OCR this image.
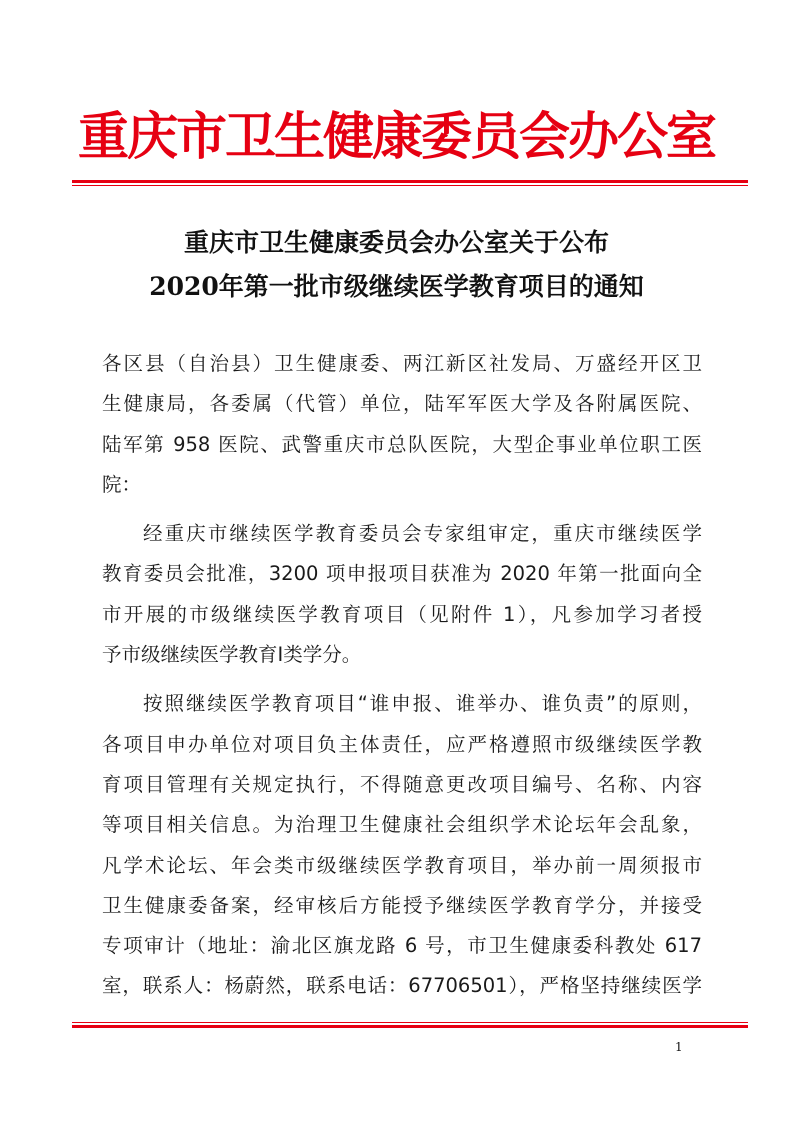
重庆市卫生健康委员会办公室
重庆市卫生健康委员会办公室关于公布
2020年第一批市级继续医学教育项目的通知
各区县（自治县）卫生健康委、两江新区社发局、万盛经开区卫
生健康局，各委属（代管）单位，陆军军医大学及各附属医院、
陆军第 958 医院、武警重庆市总队医院，大型企事业单位职工医
院：
经重庆市继续医学教育委员会专家组审定，重庆市继续医学
教育委员会批准，3200 项申报项目获准为 2020 年第一批面向全
市开展的市级继续医学教育项目（见附件 1），凡参加学习者授
予市级继续医学教育Ⅰ类学分。
按照继续医学教育项目“谁申报、谁举办、谁负责”的原则，
各项目申办单位对项目负主体责任，应严格遵照市级继续医学教
育项目管理有关规定执行，不得随意更改项目编号、名称、内容
等项目相关信息。为治理卫生健康社会组织学术论坛年会乱象，
凡学术论坛、年会类市级继续医学教育项目，举办前一周须报市
卫生健康委备案，经审核后方能授予继续医学教育学分，并接受
专项审计（地址：渝北区旗龙路 6 号，市卫生健康委科教处 617
室，联系人：杨蔚然，联系电话：67706501），严格坚持继续医学
1
